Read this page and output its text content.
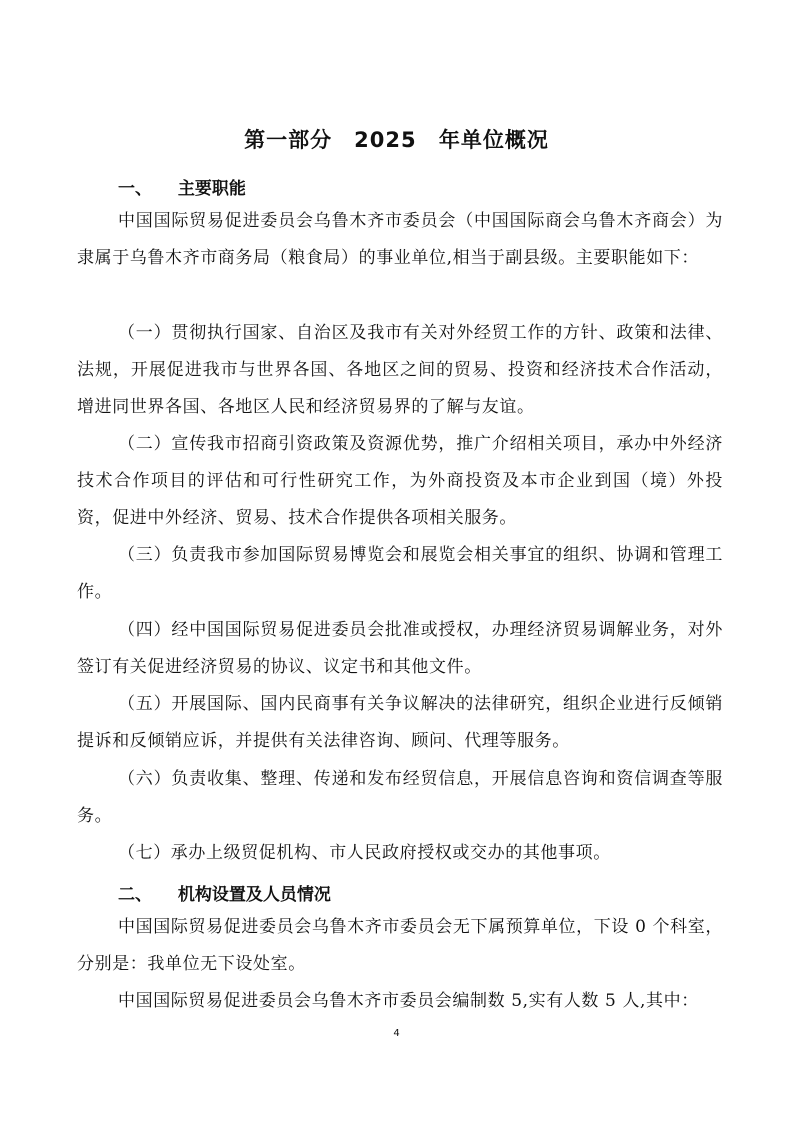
第一部分　2025 年单位概况
一、 主要职能
中国国际贸易促进委员会乌鲁木齐市委员会（中国国际商会乌鲁木齐商会）为隶属于乌鲁木齐市商务局（粮食局）的事业单位,相当于副县级。主要职能如下：
（一）贯彻执行国家、自治区及我市有关对外经贸工作的方针、政策和法律、法规，开展促进我市与世界各国、各地区之间的贸易、投资和经济技术合作活动，增进同世界各国、各地区人民和经济贸易界的了解与友谊。
（二）宣传我市招商引资政策及资源优势，推广介绍相关项目，承办中外经济技术合作项目的评估和可行性研究工作，为外商投资及本市企业到国（境）外投资，促进中外经济、贸易、技术合作提供各项相关服务。
（三）负责我市参加国际贸易博览会和展览会相关事宜的组织、协调和管理工作。
（四）经中国国际贸易促进委员会批准或授权，办理经济贸易调解业务，对外签订有关促进经济贸易的协议、议定书和其他文件。
（五）开展国际、国内民商事有关争议解决的法律研究，组织企业进行反倾销提诉和反倾销应诉，并提供有关法律咨询、顾问、代理等服务。
（六）负责收集、整理、传递和发布经贸信息，开展信息咨询和资信调查等服务。
（七）承办上级贸促机构、市人民政府授权或交办的其他事项。
二、 机构设置及人员情况
中国国际贸易促进委员会乌鲁木齐市委员会无下属预算单位，下设 0 个科室，分别是：我单位无下设处室。
中国国际贸易促进委员会乌鲁木齐市委员会编制数 5,实有人数 5 人,其中：
4
